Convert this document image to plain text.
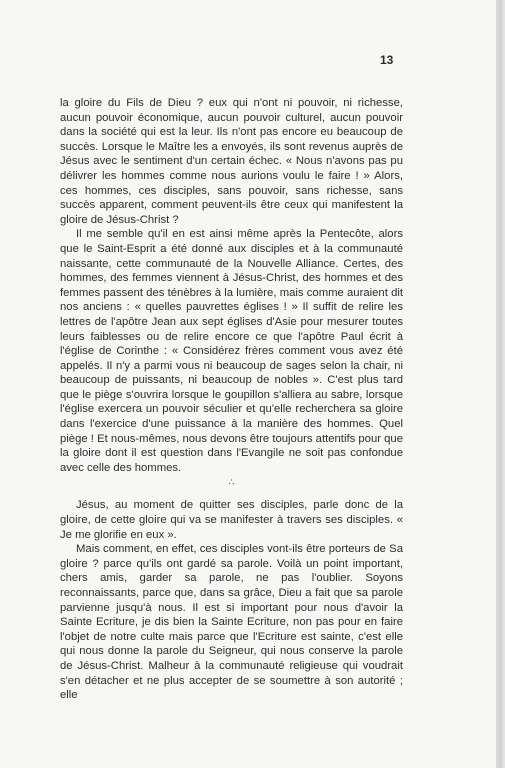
13

la gloire du Fils de Dieu ? eux qui n'ont ni pouvoir, ni richesse, aucun pouvoir économique, aucun pouvoir culturel, aucun pouvoir dans la société qui est la leur. Ils n'ont pas encore eu beaucoup de succès. Lorsque le Maître les a envoyés, ils sont revenus auprès de Jésus avec le sentiment d'un certain échec. « Nous n'avons pas pu délivrer les hommes comme nous aurions voulu le faire ! » Alors, ces hommes, ces disciples, sans pouvoir, sans richesse, sans succès apparent, comment peuvent-ils être ceux qui manifestent la gloire de Jésus-Christ ?

Il me semble qu'il en est ainsi même après la Pentecôte, alors que le Saint-Esprit a été donné aux disciples et à la communauté naissante, cette communauté de la Nouvelle Alliance. Certes, des hommes, des femmes viennent à Jésus-Christ, des hommes et des femmes passent des ténèbres à la lumière, mais comme auraient dit nos anciens : « quelles pauvrettes églises ! » Il suffit de relire les lettres de l'apôtre Jean aux sept églises d'Asie pour mesurer toutes leurs faiblesses ou de relire encore ce que l'apôtre Paul écrit à l'église de Corinthe : « Considérez frères comment vous avez été appelés. Il n'y a parmi vous ni beaucoup de sages selon la chair, ni beaucoup de puissants, ni beaucoup de nobles ». C'est plus tard que le piège s'ouvrira lorsque le goupillon s'alliera au sabre, lorsque l'église exercera un pouvoir séculier et qu'elle recherchera sa gloire dans l'exercice d'une puissance à la manière des hommes. Quel piège ! Et nous-mêmes, nous devons être toujours attentifs pour que la gloire dont il est question dans l'Evangile ne soit pas confondue avec celle des hommes.

∴

Jésus, au moment de quitter ses disciples, parle donc de la gloire, de cette gloire qui va se manifester à travers ses disciples. « Je me glorifie en eux ».

Mais comment, en effet, ces disciples vont-ils être porteurs de Sa gloire ? parce qu'ils ont gardé sa parole. Voilà un point important, chers amis, garder sa parole, ne pas l'oublier. Soyons reconnaissants, parce que, dans sa grâce, Dieu a fait que sa parole parvienne jusqu'à nous. Il est si important pour nous d'avoir la Sainte Ecriture, je dis bien la Sainte Ecriture, non pas pour en faire l'objet de notre culte mais parce que l'Ecriture est sainte, c'est elle qui nous donne la parole du Seigneur, qui nous conserve la parole de Jésus-Christ. Malheur à la communauté religieuse qui voudrait s'en détacher et ne plus accepter de se soumettre à son autorité ; elle
